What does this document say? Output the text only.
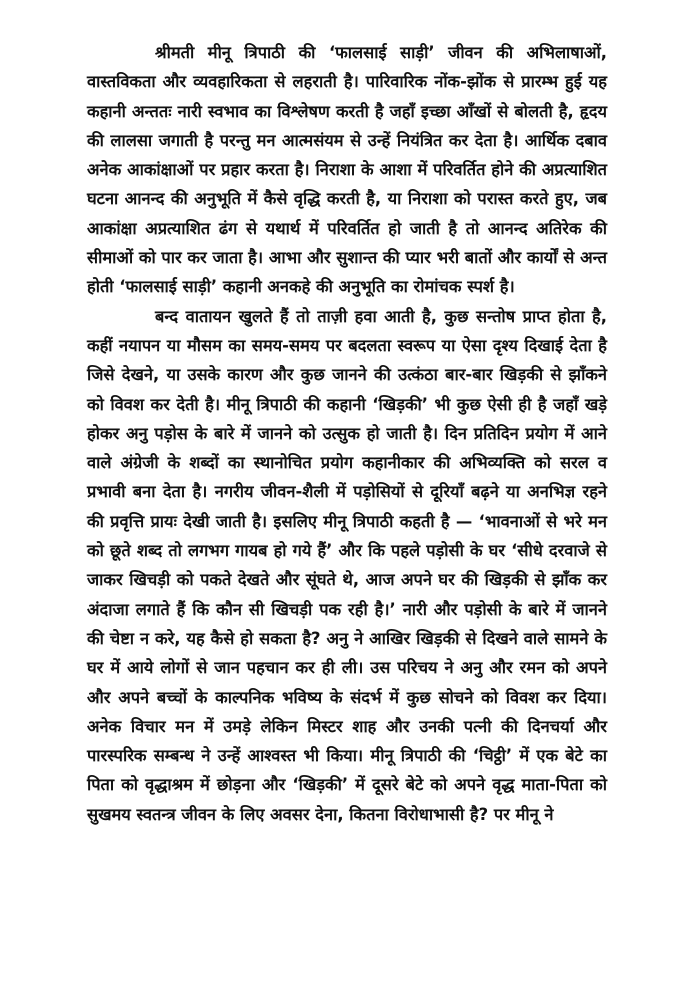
श्रीमती मीनू त्रिपाठी की ‘फालसाई साड़ी’ जीवन की अभिलाषाओं, वास्तविकता और व्यवहारिकता से लहराती है। पारिवारिक नोंक-झोंक से प्रारम्भ हुई यह कहानी अन्ततः नारी स्वभाव का विश्लेषण करती है जहाँ इच्छा आँखों से बोलती है, हृदय की लालसा जगाती है परन्तु मन आत्मसंयम से उन्हें नियंत्रित कर देता है। आर्थिक दबाव अनेक आकांक्षाओं पर प्रहार करता है। निराशा के आशा में परिवर्तित होने की अप्रत्याशित घटना आनन्द की अनुभूति में कैसे वृद्धि करती है, या निराशा को परास्त करते हुए, जब आकांक्षा अप्रत्याशित ढंग से यथार्थ में परिवर्तित हो जाती है तो आनन्द अतिरेक की सीमाओं को पार कर जाता है। आभा और सुशान्त की प्यार भरी बातों और कार्यों से अन्त होती ‘फालसाई साड़ी’ कहानी अनकहे की अनुभूति का रोमांचक स्पर्श है।

बन्द वातायन खुलते हैं तो ताज़ी हवा आती है, कुछ सन्तोष प्राप्त होता है, कहीं नयापन या मौसम का समय-समय पर बदलता स्वरूप या ऐसा दृश्य दिखाई देता है जिसे देखने, या उसके कारण और कुछ जानने की उत्कंठा बार-बार खिड़की से झाँकने को विवश कर देती है। मीनू त्रिपाठी की कहानी ‘खिड़की’ भी कुछ ऐसी ही है जहाँ खड़े होकर अनु पड़ोस के बारे में जानने को उत्सुक हो जाती है। दिन प्रतिदिन प्रयोग में आने वाले अंग्रेजी के शब्दों का स्थानोचित प्रयोग कहानीकार की अभिव्यक्ति को सरल व प्रभावी बना देता है। नगरीय जीवन-शैली में पड़ोसियों से दूरियाँ बढ़ने या अनभिज्ञ रहने की प्रवृत्ति प्रायः देखी जाती है। इसलिए मीनू त्रिपाठी कहती है — ‘भावनाओं से भरे मन को छूते शब्द तो लगभग गायब हो गये हैं’ और कि पहले पड़ोसी के घर ‘सीधे दरवाजे से जाकर खिचड़ी को पकते देखते और सूंघते थे, आज अपने घर की खिड़की से झाँक कर अंदाजा लगाते हैं कि कौन सी खिचड़ी पक रही है।’ नारी और पड़ोसी के बारे में जानने की चेष्टा न करे, यह कैसे हो सकता है? अनु ने आखिर खिड़की से दिखने वाले सामने के घर में आये लोगों से जान पहचान कर ही ली। उस परिचय ने अनु और रमन को अपने और अपने बच्चों के काल्पनिक भविष्य के संदर्भ में कुछ सोचने को विवश कर दिया। अनेक विचार मन में उमड़े लेकिन मिस्टर शाह और उनकी पत्नी की दिनचर्या और पारस्परिक सम्बन्ध ने उन्हें आश्वस्त भी किया। मीनू त्रिपाठी की ‘चिट्ठी’ में एक बेटे का पिता को वृद्धाश्रम में छोड़ना और ‘खिड़की’ में दूसरे बेटे को अपने वृद्ध माता-पिता को सुखमय स्वतन्त्र जीवन के लिए अवसर देना, कितना विरोधाभासी है? पर मीनू ने
